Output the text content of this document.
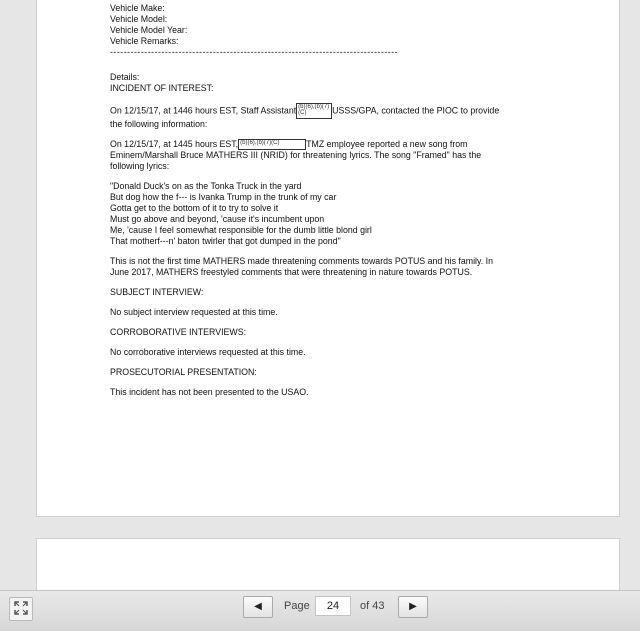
Vehicle Make:
Vehicle Model:
Vehicle Model Year:
Vehicle Remarks:
------------------------------------------------------------------------------------
Details:
INCIDENT OF INTEREST:
On 12/15/17, at 1446 hours EST, Staff Assistant (b)(6),(b)(7)(C)	USSS/GPA, contacted the PIOC to provide
the following information:
On 12/15/17, at 1445 hours EST, (b)(6),(b)(7)(C)	TMZ employee reported a new song from
Eminem/Marshall Bruce MATHERS III (NRID) for threatening lyrics. The song "Framed" has the
following lyrics:
"Donald Duck's on as the Tonka Truck in the yard
But dog how the f--- is Ivanka Trump in the trunk of my car
Gotta get to the bottom of it to try to solve it
Must go above and beyond, 'cause it's incumbent upon
Me, 'cause I feel somewhat responsible for the dumb little blond girl
That motherf---n' baton twirler that got dumped in the pond"
This is not the first time MATHERS made threatening comments towards POTUS and his family. In
June 2017, MATHERS freestyled comments that were threatening in nature towards POTUS.
SUBJECT INTERVIEW:
No subject interview requested at this time.
CORROBORATIVE INTERVIEWS:
No corroborative interviews requested at this time.
PROSECUTORIAL PRESENTATION:
This incident has not been presented to the USAO.
◀	Page
24	of 43	▶
